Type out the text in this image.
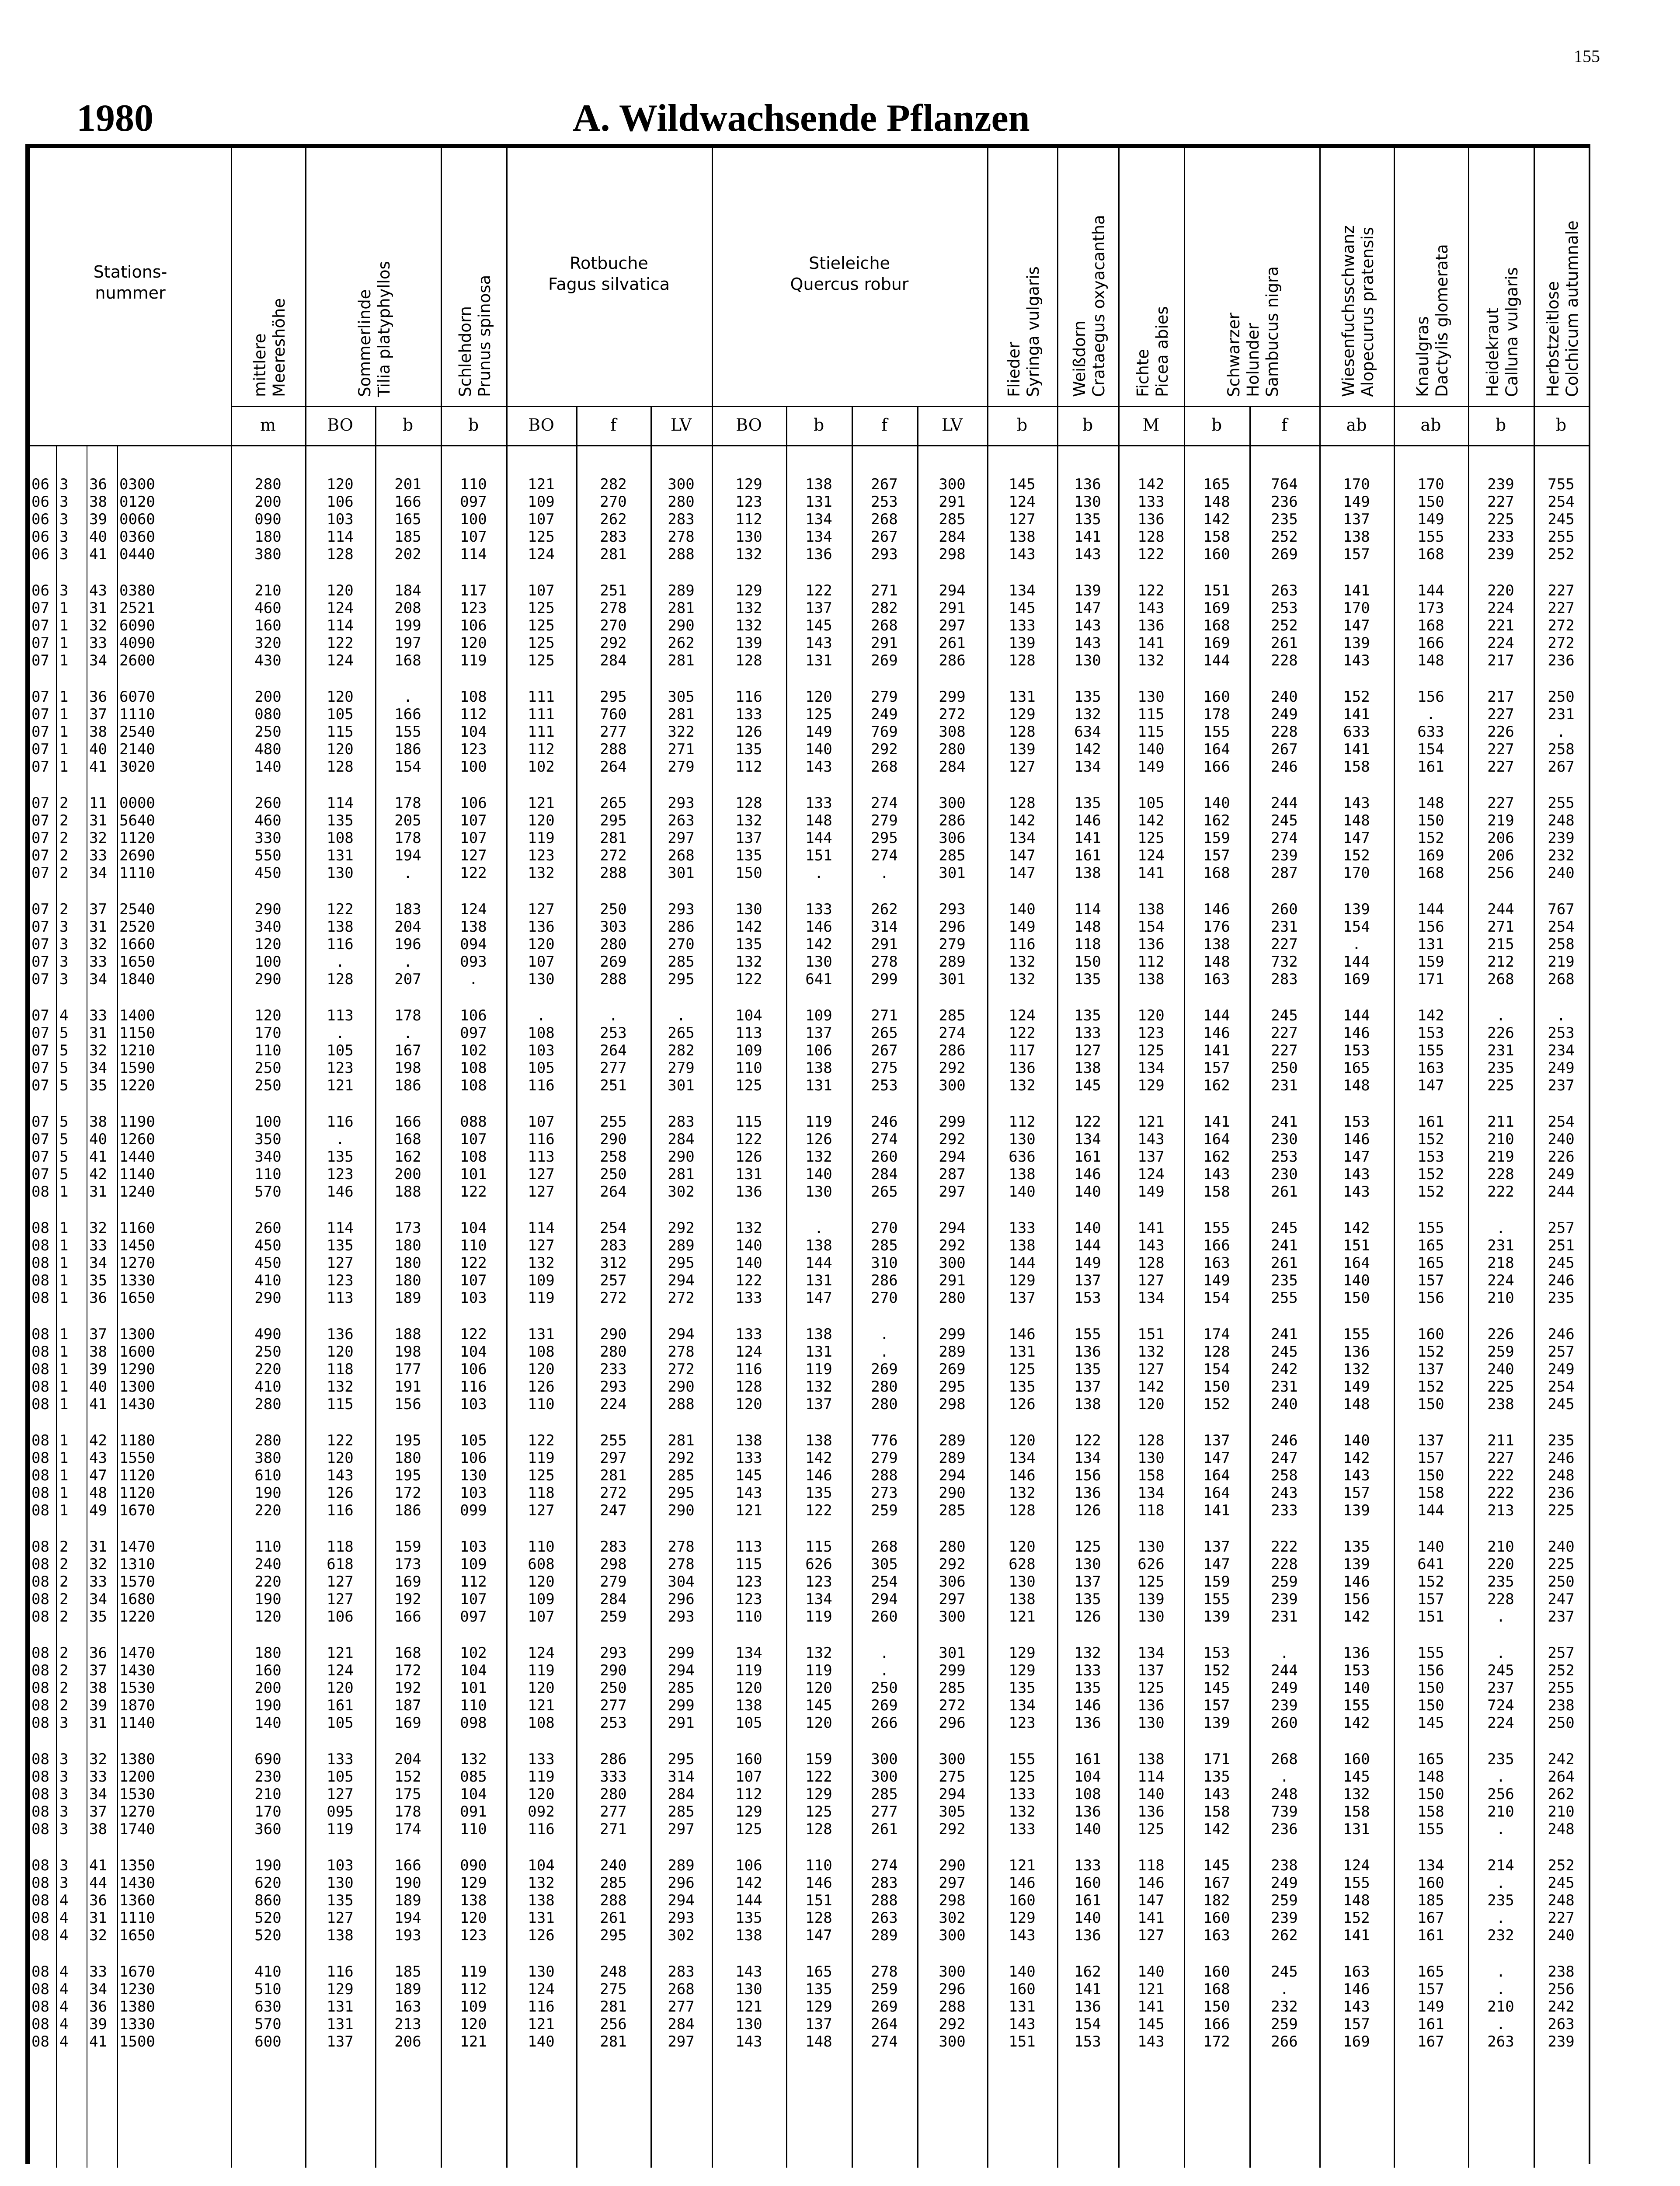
155
1980	A. Wildwachsende Pflanzen
Stations-
nummer
mittlere
Meereshöhe
m
Sommerlinde
Tilia platyphyllos
BO	b
Schlehdorn
Prunus spinosa
b
Rotbuche
Fagus silvatica
BO	f	LV
Stieleiche
Quercus robur
BO	b	f	LV
Flieder
Syringa vulgaris
b
Weißdorn
Crataegus oxyacantha
b
Fichte
Picea abies
M
Schwarzer
Holunder
Sambucus nigra
b	f
Wiesenfuchsschwanz
Alopecurus pratensis
ab
Knaulgras
Dactylis glomerata
ab
Heidekraut
Calluna vulgaris
b
Herbstzeitlose
Colchicum autumnale
b
06 3 36 0300	280	120	201	110	121	282	300	129	138	267	300	145	136	142	165	764	170	170	239	755
06 3 38 0120	200	106	166	097	109	270	280	123	131	253	291	124	130	133	148	236	149	150	227	254
06 3 39 0060	090	103	165	100	107	262	283	112	134	268	285	127	135	136	142	235	137	149	225	245
06 3 40 0360	180	114	185	107	125	283	278	130	134	267	284	138	141	128	158	252	138	155	233	255
06 3 41 0440	380	128	202	114	124	281	288	132	136	293	298	143	143	122	160	269	157	168	239	252
06 3 43 0380	210	120	184	117	107	251	289	129	122	271	294	134	139	122	151	263	141	144	220	227
07 1 31 2521	460	124	208	123	125	278	281	132	137	282	291	145	147	143	169	253	170	173	224	227
07 1 32 6090	160	114	199	106	125	270	290	132	145	268	297	133	143	136	168	252	147	168	221	272
07 1 33 4090	320	122	197	120	125	292	262	139	143	291	261	139	143	141	169	261	139	166	224	272
07 1 34 2600	430	124	168	119	125	284	281	128	131	269	286	128	130	132	144	228	143	148	217	236
07 1 36 6070	200	120	.	108	111	295	305	116	120	279	299	131	135	130	160	240	152	156	217	250
07 1 37 1110	080	105	166	112	111	760	281	133	125	249	272	129	132	115	178	249	141	.	227	231
07 1 38 2540	250	115	155	104	111	277	322	126	149	769	308	128	634	115	155	228	633	633	226	.
07 1 40 2140	480	120	186	123	112	288	271	135	140	292	280	139	142	140	164	267	141	154	227	258
07 1 41 3020	140	128	154	100	102	264	279	112	143	268	284	127	134	149	166	246	158	161	227	267
07 2 11 0000	260	114	178	106	121	265	293	128	133	274	300	128	135	105	140	244	143	148	227	255
07 2 31 5640	460	135	205	107	120	295	263	132	148	279	286	142	146	142	162	245	148	150	219	248
07 2 32 1120	330	108	178	107	119	281	297	137	144	295	306	134	141	125	159	274	147	152	206	239
07 2 33 2690	550	131	194	127	123	272	268	135	151	274	285	147	161	124	157	239	152	169	206	232
07 2 34 1110	450	130	.	122	132	288	301	150	.	.	301	147	138	141	168	287	170	168	256	240
07 2 37 2540	290	122	183	124	127	250	293	130	133	262	293	140	114	138	146	260	139	144	244	767
07 3 31 2520	340	138	204	138	136	303	286	142	146	314	296	149	148	154	176	231	154	156	271	254
07 3 32 1660	120	116	196	094	120	280	270	135	142	291	279	116	118	136	138	227	.	131	215	258
07 3 33 1650	100	.	.	093	107	269	285	132	130	278	289	132	150	112	148	732	144	159	212	219
07 3 34 1840	290	128	207	.	130	288	295	122	641	299	301	132	135	138	163	283	169	171	268	268
07 4 33 1400	120	113	178	106	.	.	.	104	109	271	285	124	135	120	144	245	144	142	.	.
07 5 31 1150	170	.	.	097	108	253	265	113	137	265	274	122	133	123	146	227	146	153	226	253
07 5 32 1210	110	105	167	102	103	264	282	109	106	267	286	117	127	125	141	227	153	155	231	234
07 5 34 1590	250	123	198	108	105	277	279	110	138	275	292	136	138	134	157	250	165	163	235	249
07 5 35 1220	250	121	186	108	116	251	301	125	131	253	300	132	145	129	162	231	148	147	225	237
07 5 38 1190	100	116	166	088	107	255	283	115	119	246	299	112	122	121	141	241	153	161	211	254
07 5 40 1260	350	.	168	107	116	290	284	122	126	274	292	130	134	143	164	230	146	152	210	240
07 5 41 1440	340	135	162	108	113	258	290	126	132	260	294	636	161	137	162	253	147	153	219	226
07 5 42 1140	110	123	200	101	127	250	281	131	140	284	287	138	146	124	143	230	143	152	228	249
08 1 31 1240	570	146	188	122	127	264	302	136	130	265	297	140	140	149	158	261	143	152	222	244
08 1 32 1160	260	114	173	104	114	254	292	132	.	270	294	133	140	141	155	245	142	155	.	257
08 1 33 1450	450	135	180	110	127	283	289	140	138	285	292	138	144	143	166	241	151	165	231	251
08 1 34 1270	450	127	180	122	132	312	295	140	144	310	300	144	149	128	163	261	164	165	218	245
08 1 35 1330	410	123	180	107	109	257	294	122	131	286	291	129	137	127	149	235	140	157	224	246
08 1 36 1650	290	113	189	103	119	272	272	133	147	270	280	137	153	134	154	255	150	156	210	235
08 1 37 1300	490	136	188	122	131	290	294	133	138	.	299	146	155	151	174	241	155	160	226	246
08 1 38 1600	250	120	198	104	108	280	278	124	131	.	289	131	136	132	128	245	136	152	259	257
08 1 39 1290	220	118	177	106	120	233	272	116	119	269	269	125	135	127	154	242	132	137	240	249
08 1 40 1300	410	132	191	116	126	293	290	128	132	280	295	135	137	142	150	231	149	152	225	254
08 1 41 1430	280	115	156	103	110	224	288	120	137	280	298	126	138	120	152	240	148	150	238	245
08 1 42 1180	280	122	195	105	122	255	281	138	138	776	289	120	122	128	137	246	140	137	211	235
08 1 43 1550	380	120	180	106	119	297	292	133	142	279	289	134	134	130	147	247	142	157	227	246
08 1 47 1120	610	143	195	130	125	281	285	145	146	288	294	146	156	158	164	258	143	150	222	248
08 1 48 1120	190	126	172	103	118	272	295	143	135	273	290	132	136	134	164	243	157	158	222	236
08 1 49 1670	220	116	186	099	127	247	290	121	122	259	285	128	126	118	141	233	139	144	213	225
08 2 31 1470	110	118	159	103	110	283	278	113	115	268	280	120	125	130	137	222	135	140	210	240
08 2 32 1310	240	618	173	109	608	298	278	115	626	305	292	628	130	626	147	228	139	641	220	225
08 2 33 1570	220	127	169	112	120	279	304	123	123	254	306	130	137	125	159	259	146	152	235	250
08 2 34 1680	190	127	192	107	109	284	296	123	134	294	297	138	135	139	155	239	156	157	228	247
08 2 35 1220	120	106	166	097	107	259	293	110	119	260	300	121	126	130	139	231	142	151	.	237
08 2 36 1470	180	121	168	102	124	293	299	134	132	.	301	129	132	134	153	.	136	155	.	257
08 2 37 1430	160	124	172	104	119	290	294	119	119	.	299	129	133	137	152	244	153	156	245	252
08 2 38 1530	200	120	192	101	120	250	285	120	120	250	285	135	135	125	145	249	140	150	237	255
08 2 39 1870	190	161	187	110	121	277	299	138	145	269	272	134	146	136	157	239	155	150	724	238
08 3 31 1140	140	105	169	098	108	253	291	105	120	266	296	123	136	130	139	260	142	145	224	250
08 3 32 1380	690	133	204	132	133	286	295	160	159	300	300	155	161	138	171	268	160	165	235	242
08 3 33 1200	230	105	152	085	119	333	314	107	122	300	275	125	104	114	135	.	145	148	.	264
08 3 34 1530	210	127	175	104	120	280	284	112	129	285	294	133	108	140	143	248	132	150	256	262
08 3 37 1270	170	095	178	091	092	277	285	129	125	277	305	132	136	136	158	739	158	158	210	210
08 3 38 1740	360	119	174	110	116	271	297	125	128	261	292	133	140	125	142	236	131	155	.	248
08 3 41 1350	190	103	166	090	104	240	289	106	110	274	290	121	133	118	145	238	124	134	214	252
08 3 44 1430	620	130	190	129	132	285	296	142	146	283	297	146	160	146	167	249	155	160	.	245
08 4 36 1360	860	135	189	138	138	288	294	144	151	288	298	160	161	147	182	259	148	185	235	248
08 4 31 1110	520	127	194	120	131	261	293	135	128	263	302	129	140	141	160	239	152	167	.	227
08 4 32 1650	520	138	193	123	126	295	302	138	147	289	300	143	136	127	163	262	141	161	232	240
08 4 33 1670	410	116	185	119	130	248	283	143	165	278	300	140	162	140	160	245	163	165	.	238
08 4 34 1230	510	129	189	112	124	275	268	130	135	259	296	160	141	121	168	.	146	157	.	256
08 4 36 1380	630	131	163	109	116	281	277	121	129	269	288	131	136	141	150	232	143	149	210	242
08 4 39 1330	570	131	213	120	121	256	284	130	137	264	292	143	154	145	166	259	157	161	.	263
08 4 41 1500	600	137	206	121	140	281	297	143	148	274	300	151	153	143	172	266	169	167	263	239
